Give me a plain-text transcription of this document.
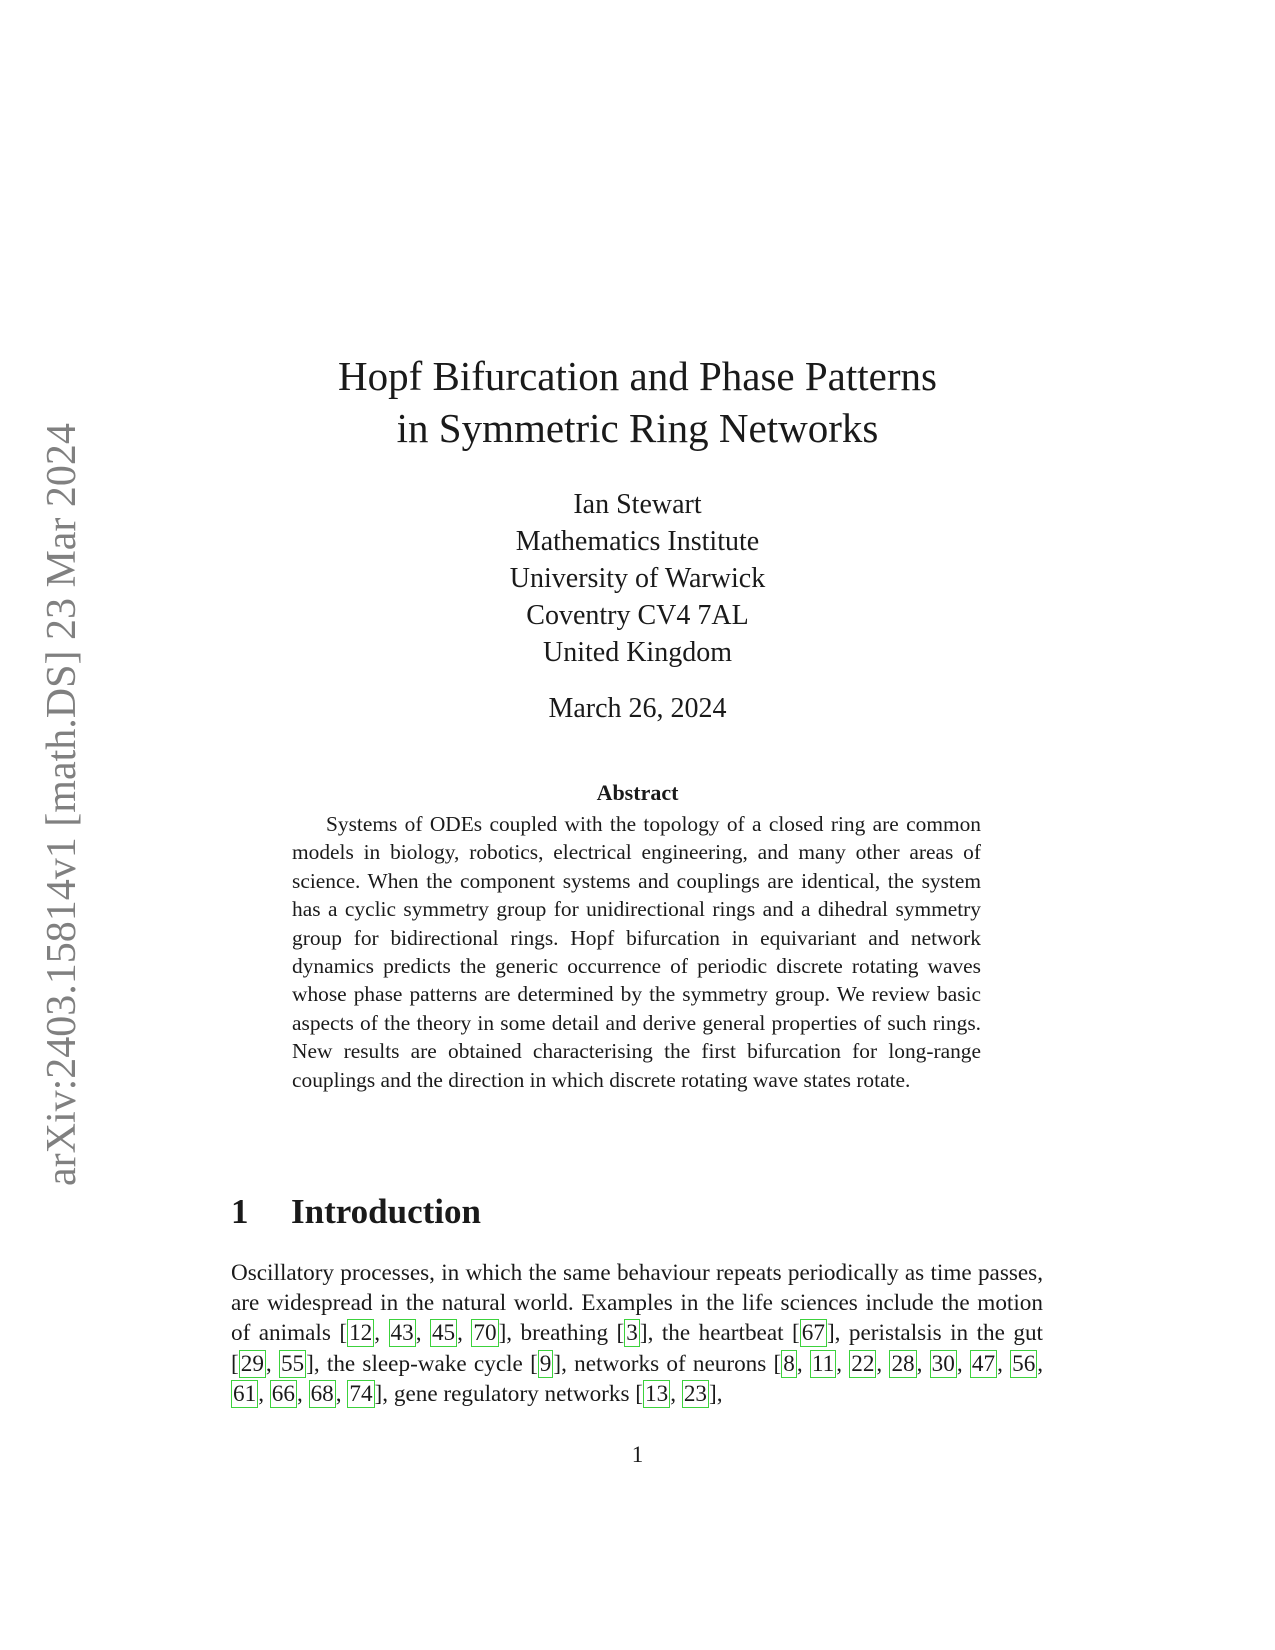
arXiv:2403.15814v1 [math.DS] 23 Mar 2024
Hopf Bifurcation and Phase Patterns
in Symmetric Ring Networks
Ian Stewart
Mathematics Institute
University of Warwick
Coventry CV4 7AL
United Kingdom
March 26, 2024
Abstract

Systems of ODEs coupled with the topology of a closed ring are common models in biology, robotics, electrical engineering, and many other areas of science. When the component systems and couplings are identical, the system has a cyclic symmetry group for unidirectional rings and a dihedral symmetry group for bidirectional rings. Hopf bifurcation in equivariant and network dynamics predicts the generic occurrence of periodic discrete rotating waves whose phase patterns are determined by the symmetry group. We review basic aspects of the theory in some detail and derive general properties of such rings. New results are obtained characterising the first bifurcation for long-range couplings and the direction in which discrete rotating wave states rotate.

1 Introduction

Oscillatory processes, in which the same behaviour repeats periodically as time passes, are widespread in the natural world. Examples in the life sciences include the motion of animals [12, 43, 45, 70], breathing [3], the heartbeat [67], peristalsis in the gut [29, 55], the sleep-wake cycle [9], networks of neurons [8, 11, 22, 28, 30, 47, 56, 61, 66, 68, 74], gene regulatory networks [13, 23],

1
